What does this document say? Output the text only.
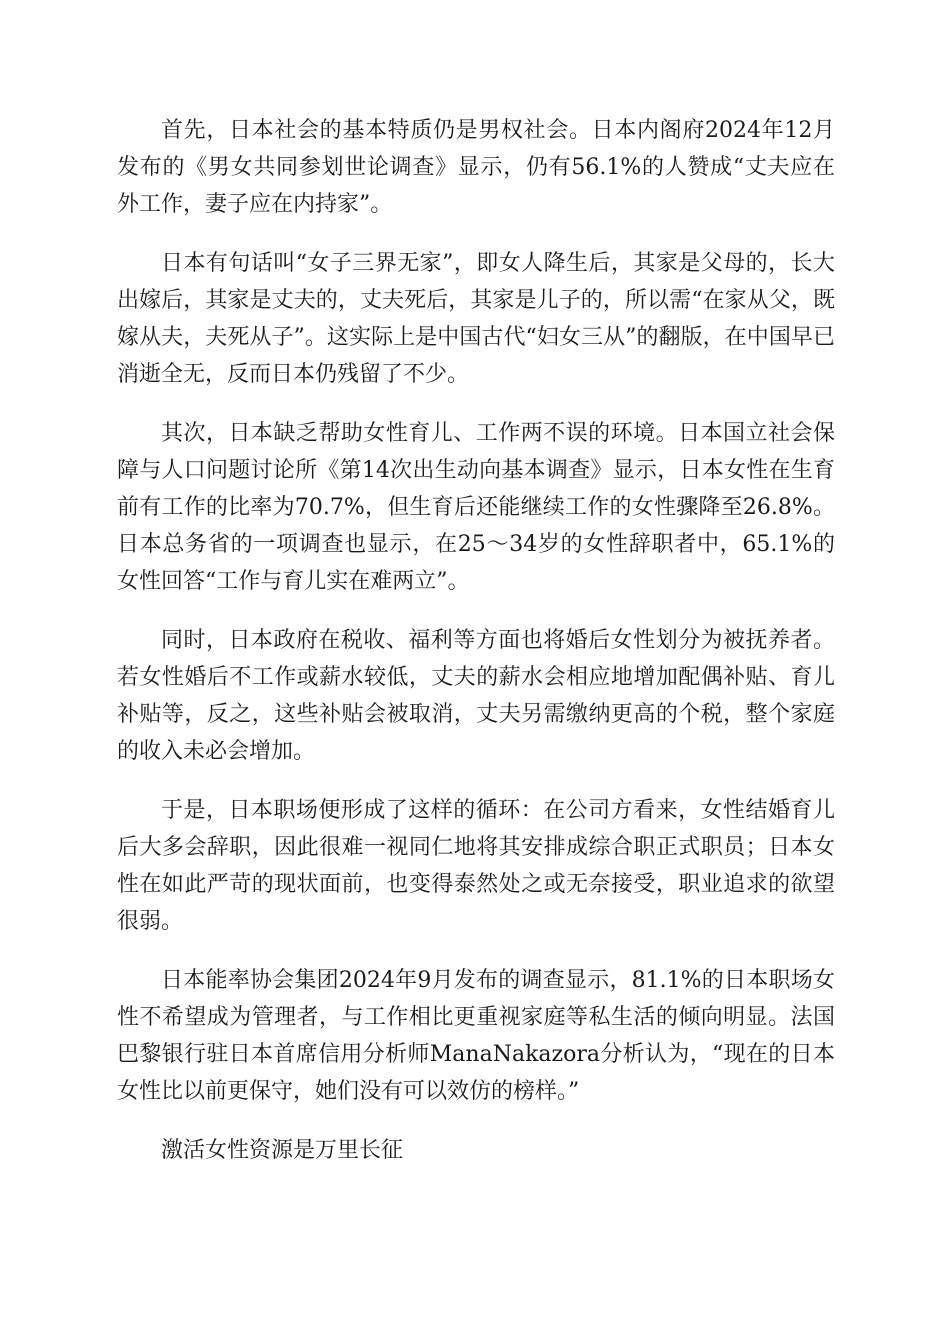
首先，日本社会的基本特质仍是男权社会。日本内阁府2024年12月发布的《男女共同参划世论调查》显示，仍有56.1%的人赞成“丈夫应在外工作，妻子应在内持家”。

日本有句话叫“女子三界无家”，即女人降生后，其家是父母的，长大出嫁后，其家是丈夫的，丈夫死后，其家是儿子的，所以需“在家从父，既嫁从夫，夫死从子”。这实际上是中国古代“妇女三从”的翻版，在中国早已消逝全无，反而日本仍残留了不少。

其次，日本缺乏帮助女性育儿、工作两不误的环境。日本国立社会保障与人口问题讨论所《第14次出生动向基本调查》显示，日本女性在生育前有工作的比率为70.7%，但生育后还能继续工作的女性骤降至26.8%。日本总务省的一项调查也显示，在25～34岁的女性辞职者中，65.1%的女性回答“工作与育儿实在难两立”。

同时，日本政府在税收、福利等方面也将婚后女性划分为被抚养者。若女性婚后不工作或薪水较低，丈夫的薪水会相应地增加配偶补贴、育儿补贴等，反之，这些补贴会被取消，丈夫另需缴纳更高的个税，整个家庭的收入未必会增加。

于是，日本职场便形成了这样的循环：在公司方看来，女性结婚育儿后大多会辞职，因此很难一视同仁地将其安排成综合职正式职员；日本女性在如此严苛的现状面前，也变得泰然处之或无奈接受，职业追求的欲望很弱。

日本能率协会集团2024年9月发布的调查显示，81.1%的日本职场女性不希望成为管理者，与工作相比更重视家庭等私生活的倾向明显。法国巴黎银行驻日本首席信用分析师ManaNakazora分析认为，“现在的日本女性比以前更保守，她们没有可以效仿的榜样。”

激活女性资源是万里长征
